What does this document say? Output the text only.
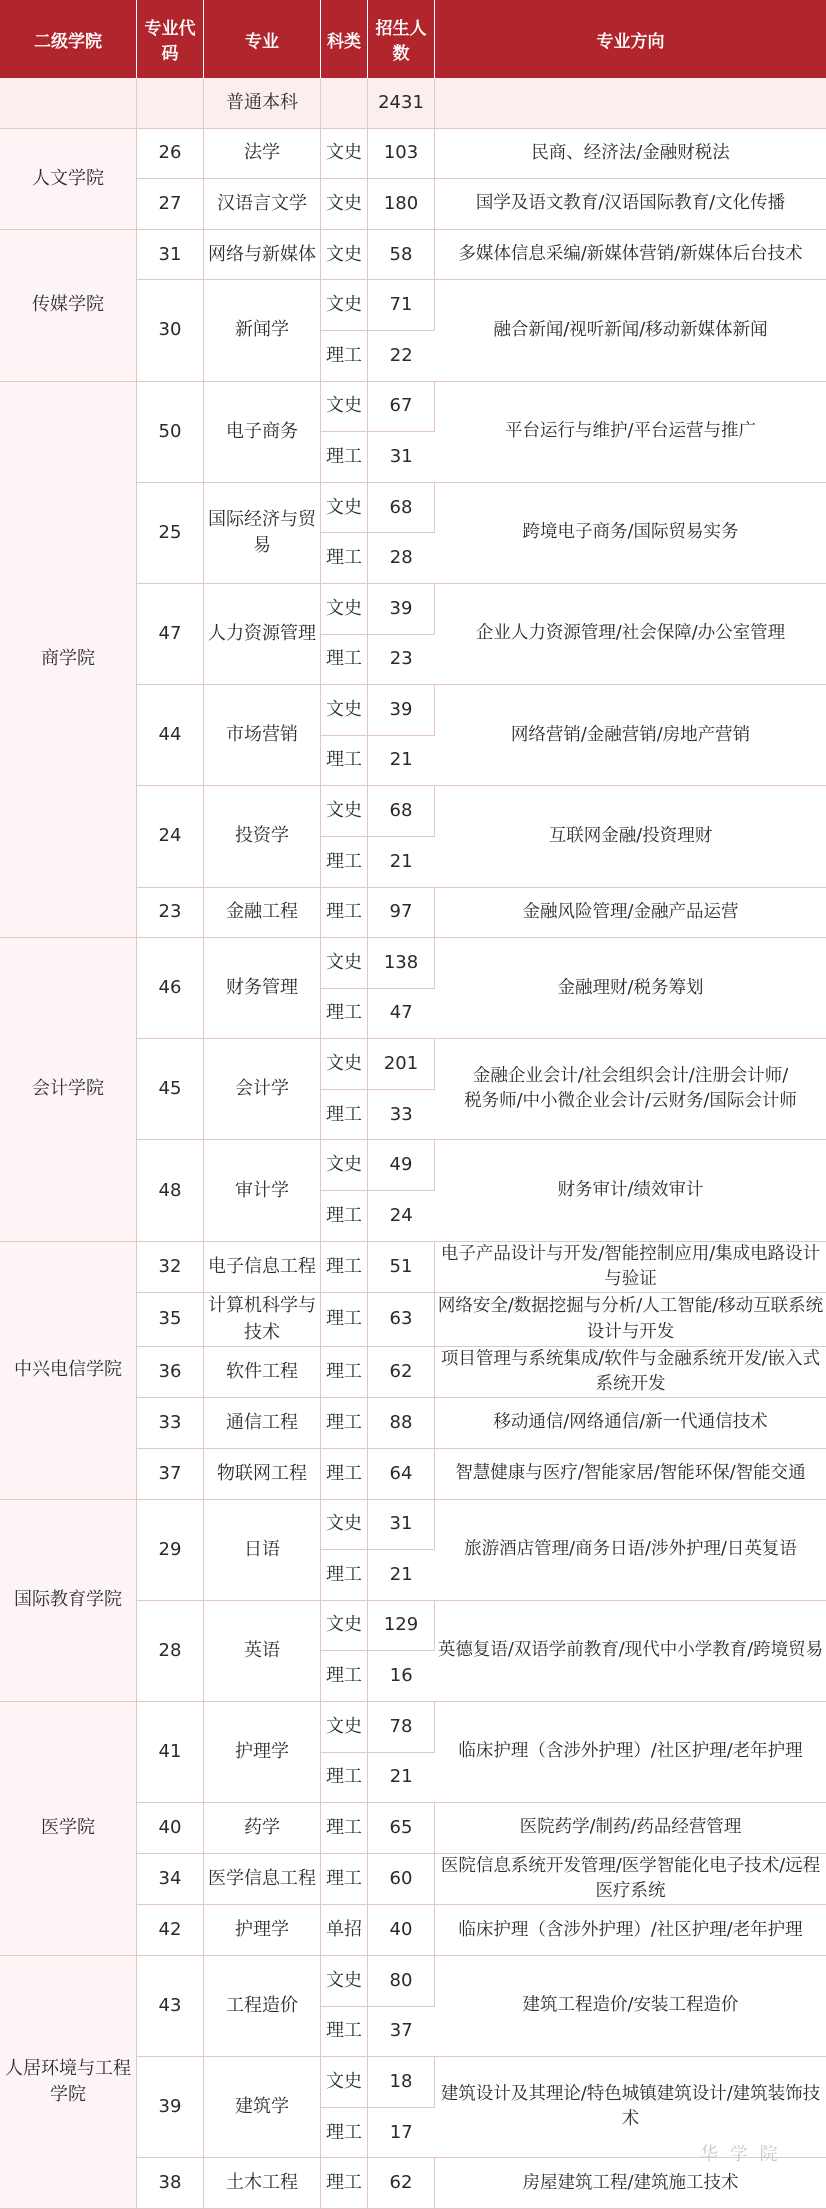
二级学院	专业代码	专业	科类	招生人数	专业方向
		普通本科		2431	
人文学院	26	法学	文史	103	民商、经济法/金融财税法
	27	汉语言文学	文史	180	国学及语文教育/汉语国际教育/文化传播
传媒学院	31	网络与新媒体	文史	58	多媒体信息采编/新媒体营销/新媒体后台技术
	30	新闻学	文史	71	融合新闻/视听新闻/移动新媒体新闻
			理工	22	
商学院	50	电子商务	文史	67	平台运行与维护/平台运营与推广
			理工	31	
	25	国际经济与贸易	文史	68	跨境电子商务/国际贸易实务
			理工	28	
	47	人力资源管理	文史	39	企业人力资源管理/社会保障/办公室管理
			理工	23	
	44	市场营销	文史	39	网络营销/金融营销/房地产营销
			理工	21	
	24	投资学	文史	68	互联网金融/投资理财
			理工	21	
	23	金融工程	理工	97	金融风险管理/金融产品运营
会计学院	46	财务管理	文史	138	金融理财/税务筹划
			理工	47	
	45	会计学	文史	201	金融企业会计/社会组织会计/注册会计师/
税务师/中小微企业会计/云财务/国际会计师
			理工	33	
	48	审计学	文史	49	财务审计/绩效审计
			理工	24	
中兴电信学院	32	电子信息工程	理工	51	电子产品设计与开发/智能控制应用/集成电路设计与验证
	35	计算机科学与技术	理工	63	网络安全/数据挖掘与分析/人工智能/移动互联系统设计与开发
	36	软件工程	理工	62	项目管理与系统集成/软件与金融系统开发/嵌入式系统开发
	33	通信工程	理工	88	移动通信/网络通信/新一代通信技术
	37	物联网工程	理工	64	智慧健康与医疗/智能家居/智能环保/智能交通
国际教育学院	29	日语	文史	31	旅游酒店管理/商务日语/涉外护理/日英复语
			理工	21	
	28	英语	文史	129	英德复语/双语学前教育/现代中小学教育/跨境贸易
			理工	16	
医学院	41	护理学	文史	78	临床护理（含涉外护理）/社区护理/老年护理
			理工	21	
	40	药学	理工	65	医院药学/制药/药品经营管理
	34	医学信息工程	理工	60	医院信息系统开发管理/医学智能化电子技术/远程医疗系统
	42	护理学	单招	40	临床护理（含涉外护理）/社区护理/老年护理
人居环境与工程学院	43	工程造价	文史	80	建筑工程造价/安装工程造价
			理工	37	
	39	建筑学	文史	18	建筑设计及其理论/特色城镇建筑设计/建筑装饰技术
			理工	17	
	38	土木工程	理工	62	房屋建筑工程/建筑施工技术
华 学 院
